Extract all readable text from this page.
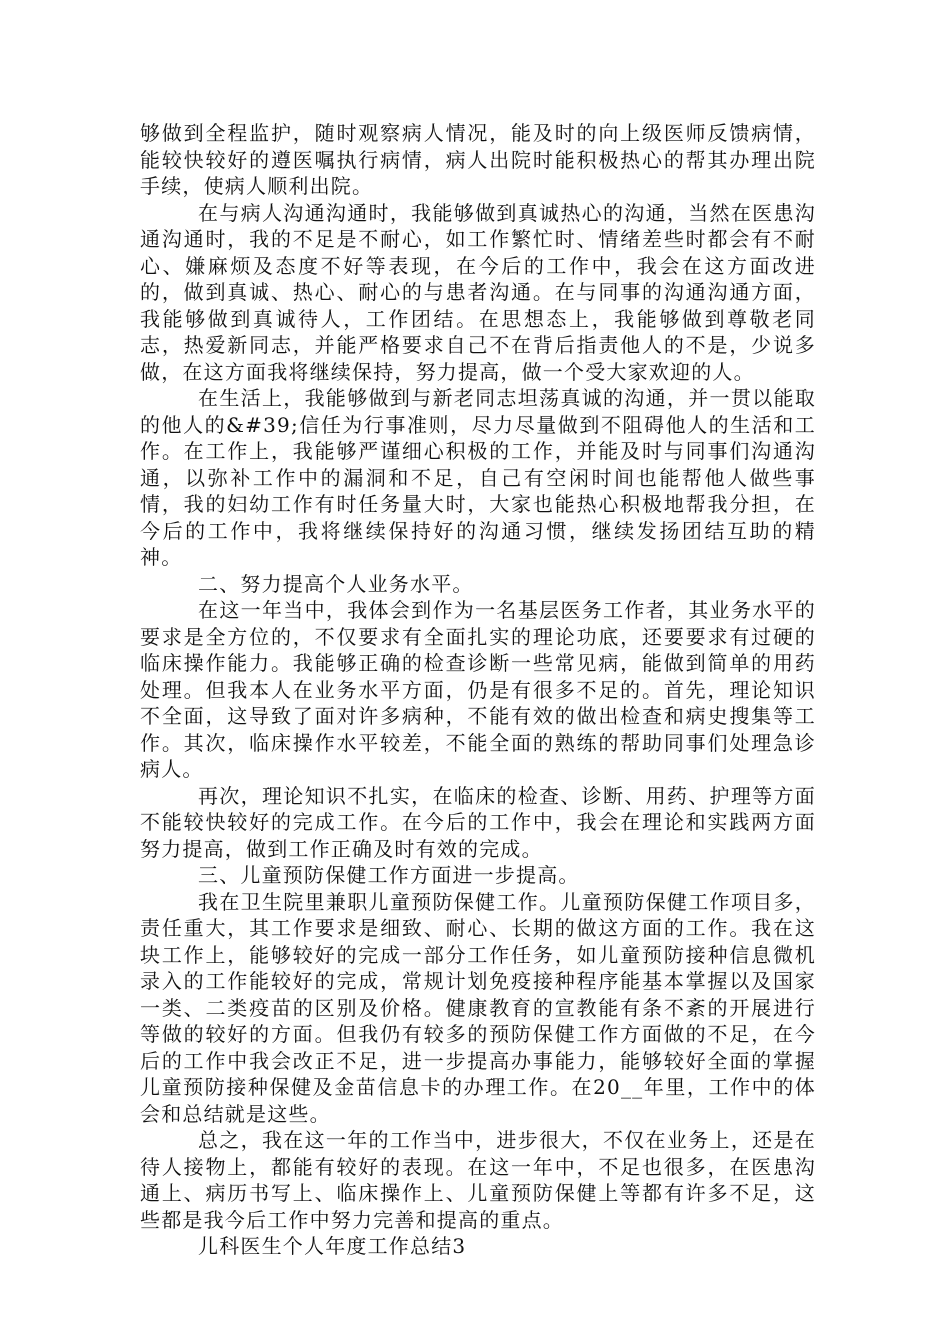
够做到全程监护，随时观察病人情况，能及时的向上级医师反馈病情，能较快较好的遵医嘱执行病情，病人出院时能积极热心的帮其办理出院手续，使病人顺利出院。

在与病人沟通沟通时，我能够做到真诚热心的沟通，当然在医患沟通沟通时，我的不足是不耐心，如工作繁忙时、情绪差些时都会有不耐心、嫌麻烦及态度不好等表现，在今后的工作中，我会在这方面改进的，做到真诚、热心、耐心的与患者沟通。在与同事的沟通沟通方面，我能够做到真诚待人，工作团结。在思想态上，我能够做到尊敬老同志，热爱新同志，并能严格要求自己不在背后指责他人的不是，少说多做，在这方面我将继续保持，努力提高，做一个受大家欢迎的人。

在生活上，我能够做到与新老同志坦荡真诚的沟通，并一贯以能取的他人的&#39;信任为行事准则，尽力尽量做到不阻碍他人的生活和工作。在工作上，我能够严谨细心积极的工作，并能及时与同事们沟通沟通，以弥补工作中的漏洞和不足，自己有空闲时间也能帮他人做些事情，我的妇幼工作有时任务量大时，大家也能热心积极地帮我分担，在今后的工作中，我将继续保持好的沟通习惯，继续发扬团结互助的精神。

二、努力提高个人业务水平。

在这一年当中，我体会到作为一名基层医务工作者，其业务水平的要求是全方位的，不仅要求有全面扎实的理论功底，还要要求有过硬的临床操作能力。我能够正确的检查诊断一些常见病，能做到简单的用药处理。但我本人在业务水平方面，仍是有很多不足的。首先，理论知识不全面，这导致了面对许多病种，不能有效的做出检查和病史搜集等工作。其次，临床操作水平较差，不能全面的熟练的帮助同事们处理急诊病人。

再次，理论知识不扎实，在临床的检查、诊断、用药、护理等方面不能较快较好的完成工作。在今后的工作中，我会在理论和实践两方面努力提高，做到工作正确及时有效的完成。

三、儿童预防保健工作方面进一步提高。

我在卫生院里兼职儿童预防保健工作。儿童预防保健工作项目多，责任重大，其工作要求是细致、耐心、长期的做这方面的工作。我在这块工作上，能够较好的完成一部分工作任务，如儿童预防接种信息微机录入的工作能较好的完成，常规计划免疫接种程序能基本掌握以及国家一类、二类疫苗的区别及价格。健康教育的宣教能有条不紊的开展进行等做的较好的方面。但我仍有较多的预防保健工作方面做的不足，在今后的工作中我会改正不足，进一步提高办事能力，能够较好全面的掌握儿童预防接种保健及金苗信息卡的办理工作。在20__年里，工作中的体会和总结就是这些。

总之，我在这一年的工作当中，进步很大，不仅在业务上，还是在待人接物上，都能有较好的表现。在这一年中，不足也很多，在医患沟通上、病历书写上、临床操作上、儿童预防保健上等都有许多不足，这些都是我今后工作中努力完善和提高的重点。

儿科医生个人年度工作总结3
